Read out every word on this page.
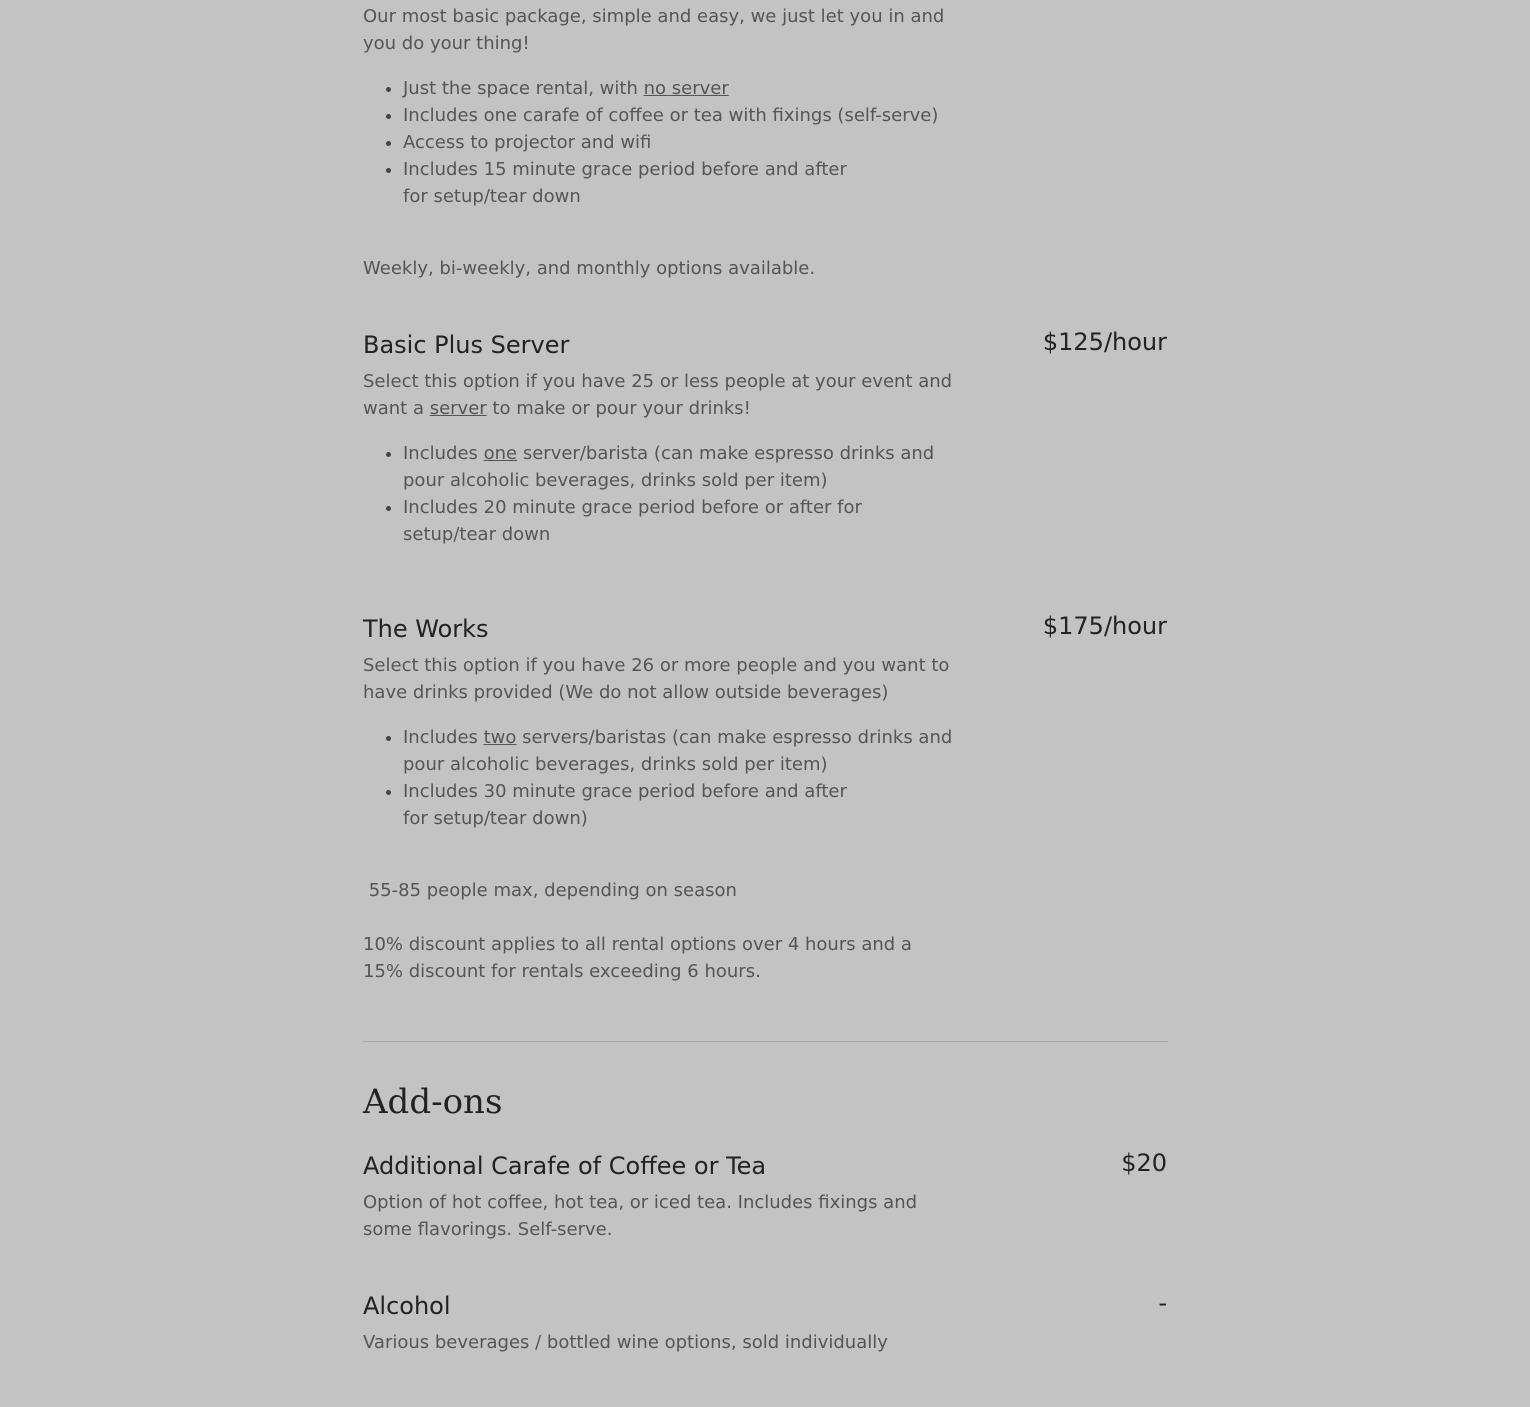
Our most basic package, simple and easy, we just let you in and you do your thing!
• Just the space rental, with no server
• Includes one carafe of coffee or tea with fixings (self-serve)
• Access to projector and wifi
• Includes 15 minute grace period before and after for setup/tear down
Weekly, bi-weekly, and monthly options available.
Basic Plus Server	$125/hour
Select this option if you have 25 or less people at your event and want a server to make or pour your drinks!
• Includes one server/barista (can make espresso drinks and pour alcoholic beverages, drinks sold per item)
• Includes 20 minute grace period before or after for setup/tear down
The Works	$175/hour
Select this option if you have 26 or more people and you want to have drinks provided (We do not allow outside beverages)
• Includes two servers/baristas (can make espresso drinks and pour alcoholic beverages, drinks sold per item)
• Includes 30 minute grace period before and after for setup/tear down)
55-85 people max, depending on season
10% discount applies to all rental options over 4 hours and a 15% discount for rentals exceeding 6 hours.
Add-ons
Additional Carafe of Coffee or Tea	$20
Option of hot coffee, hot tea, or iced tea. Includes fixings and some flavorings. Self-serve.
Alcohol	-
Various beverages / bottled wine options, sold individually
